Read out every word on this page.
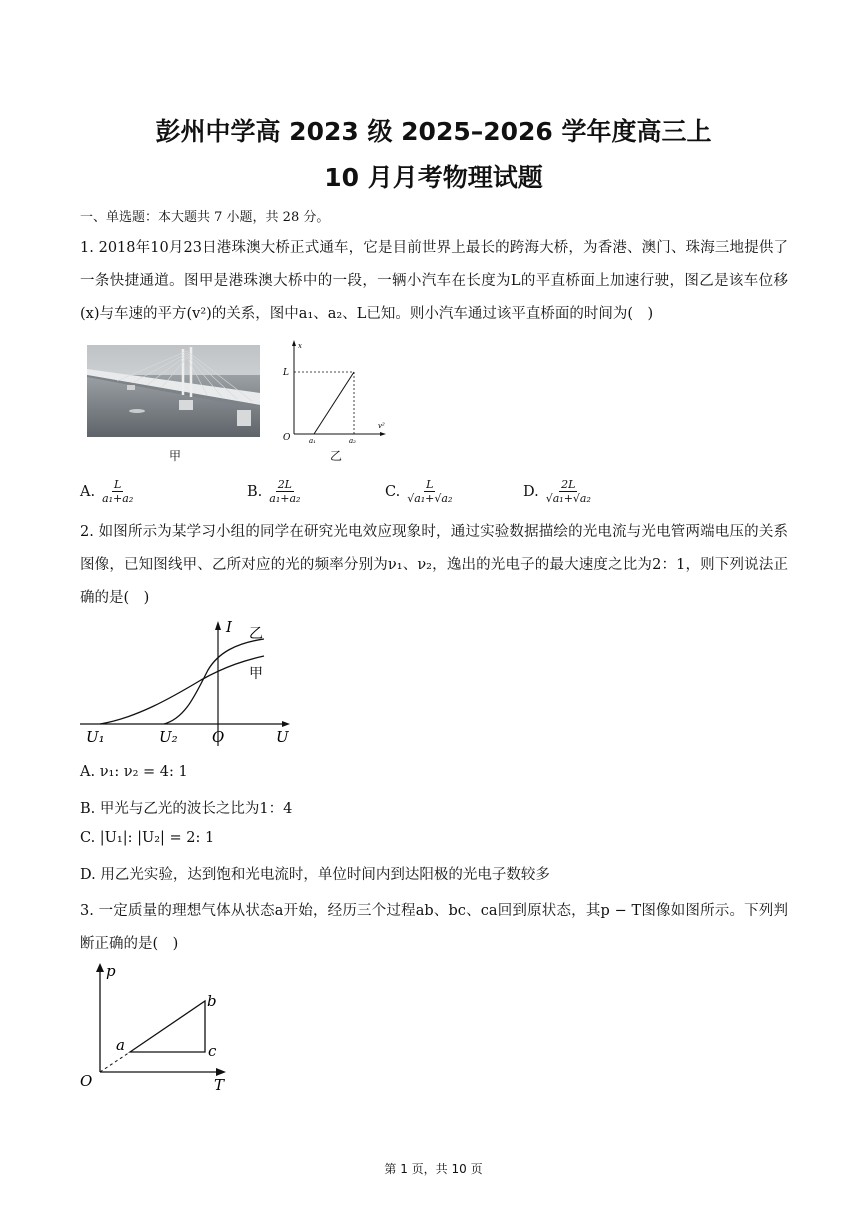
彭州中学高 2023 级 2025–2026 学年度高三上
10 月月考物理试题
一、单选题：本大题共 7 小题，共 28 分。
1. 2018年10月23日港珠澳大桥正式通车，它是目前世界上最长的跨海大桥，为香港、澳门、珠海三地提供了一条快捷通道。图甲是港珠澳大桥中的一段，一辆小汽车在长度为L的平直桥面上加速行驶，图乙是该车位移(x)与车速的平方(v²)的关系，图中a₁、a₂、L已知。则小汽车通过该平直桥面的时间为(　)
甲
x
v²
O
L
a₁	a₂
乙
A. $\frac{L}{\text{a₁+a₂}}$	B. $\frac{2L}{\text{a₁+a₂}}$	C. $\frac{L}{\text{√a₁+√a₂}}$	D. $\frac{2L}{\text{√a₁+√a₂}}$
2. 如图所示为某学习小组的同学在研究光电效应现象时，通过实验数据描绘的光电流与光电管两端电压的关系图像，已知图线甲、乙所对应的光的频率分别为ν₁、ν₂，逸出的光电子的最大速度之比为2：1，则下列说法正确的是(　)
I 乙
甲
U₁	U₂ O	U
A. ν₁: ν₂ = 4: 1
B. 甲光与乙光的波长之比为1：4
C. |U₁|: |U₂| = 2: 1
D. 用乙光实验，达到饱和光电流时，单位时间内到达阳极的光电子数较多
3. 一定质量的理想气体从状态a开始，经历三个过程ab、bc、ca回到原状态，其p − T图像如图所示。下列判断正确的是(　)
p
O	T
a
b
c
第 1 页，共 10 页
